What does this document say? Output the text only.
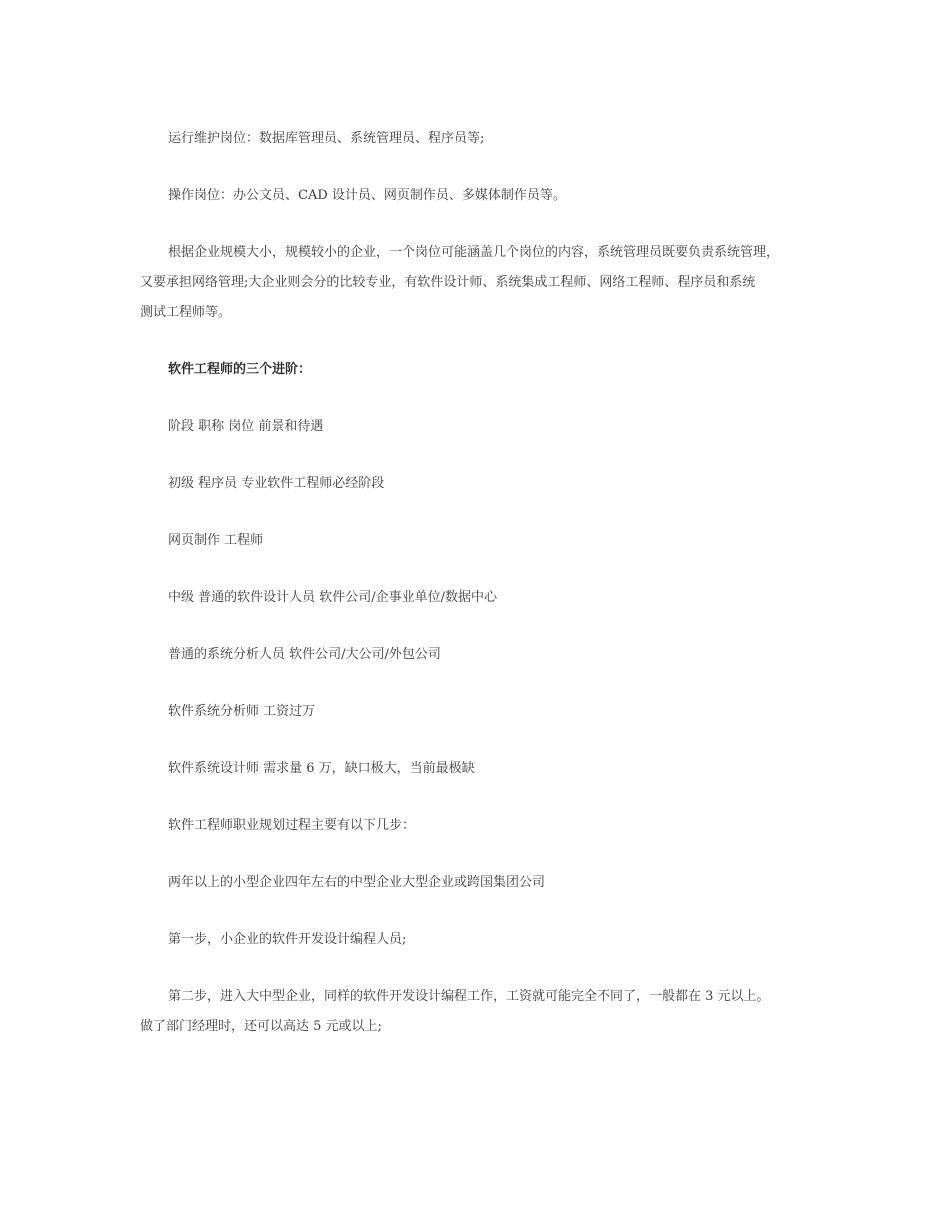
运行维护岗位：数据库管理员、系统管理员、程序员等;

操作岗位：办公文员、CAD 设计员、网页制作员、多媒体制作员等。

根据企业规模大小，规模较小的企业，一个岗位可能涵盖几个岗位的内容，系统管理员既要负责系统管理，
又要承担网络管理;大企业则会分的比较专业，有软件设计师、系统集成工程师、网络工程师、程序员和系统
测试工程师等。

软件工程师的三个进阶：

阶段 职称 岗位 前景和待遇

初级 程序员 专业软件工程师必经阶段

网页制作 工程师

中级 普通的软件设计人员 软件公司/企事业单位/数据中心

普通的系统分析人员 软件公司/大公司/外包公司

软件系统分析师 工资过万

软件系统设计师 需求量 6 万，缺口极大，当前最极缺

软件工程师职业规划过程主要有以下几步：

两年以上的小型企业四年左右的中型企业大型企业或跨国集团公司

第一步，小企业的软件开发设计编程人员;

第二步，进入大中型企业，同样的软件开发设计编程工作，工资就可能完全不同了，一般都在 3 元以上。
做了部门经理时，还可以高达 5 元或以上;
